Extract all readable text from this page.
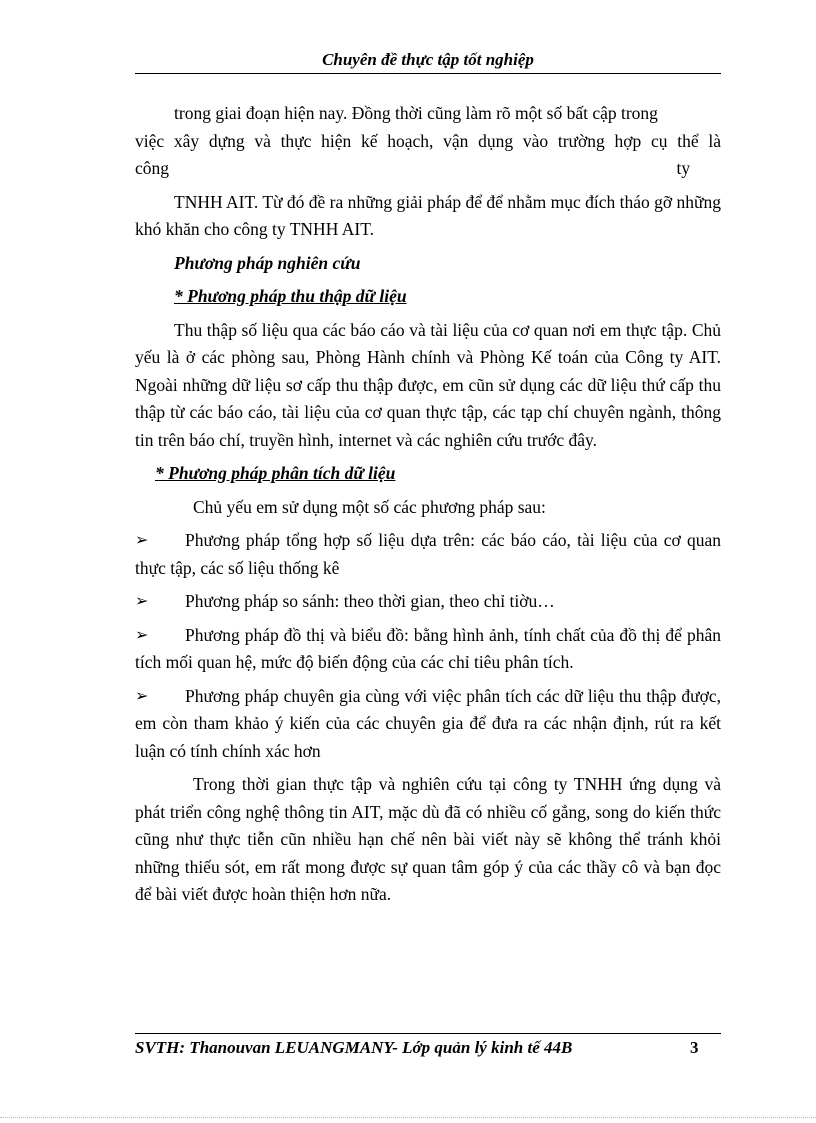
Chuyên đề thực tập tốt nghiệp

trong giai đoạn hiện nay. Đồng thời cũng làm rõ một số bất cập trong

việc xây dựng và thực hiện kế hoạch, vận dụng vào trường hợp cụ thể là

công                                                                                                                    ty

TNHH AIT. Từ đó đề ra những giải pháp để để nhằm mục đích tháo gỡ những khó khăn cho công ty TNHH AIT.

Phương pháp nghiên cứu

* Phương pháp thu thập dữ liệu

Thu thập số liệu qua các báo cáo và tài liệu của cơ quan nơi em thực tập. Chủ yếu là ở các phòng sau, Phòng Hành chính và Phòng Kế toán của Công ty AIT. Ngoài những dữ liệu sơ cấp thu thập được, em cũn sử dụng các dữ liệu thứ cấp thu thập từ các báo cáo, tài liệu của cơ quan thực tập, các tạp chí chuyên ngành, thông tin trên báo chí, truyền hình, internet và các nghiên cứu trước đây.

* Phương pháp phân tích dữ liệu

Chủ yếu em sử dụng một số các phương pháp sau:

➢	Phương pháp tổng hợp số liệu dựa trên: các báo cáo, tài liệu của cơ quan thực tập, các số liệu thống kê

➢	Phương pháp so sánh: theo thời gian, theo chỉ tiờu…

➢	Phương pháp đồ thị và biểu đồ: bằng hình ảnh, tính chất của đồ thị để phân tích mối quan hệ, mức độ biến động của các chỉ tiêu phân tích.

➢	Phương pháp chuyên gia cùng với việc phân tích các dữ liệu thu thập được, em còn tham khảo ý kiến của các chuyên gia để đưa ra các nhận định, rút ra kết luận có tính chính xác hơn

Trong thời gian thực tập và nghiên cứu tại công ty TNHH ứng dụng và phát triển công nghệ thông tin AIT, mặc dù đã có nhiều cố gắng, song do kiến thức cũng như thực tiễn cũn nhiều hạn chế nên bài viết này sẽ không thể tránh khỏi những thiếu sót, em rất mong được sự quan tâm góp ý của các thầy cô và bạn đọc để bài viết được hoàn thiện hơn nữa.

SVTH: Thanouvan LEUANGMANY- Lớp quản lý kinh tế 44B	3
